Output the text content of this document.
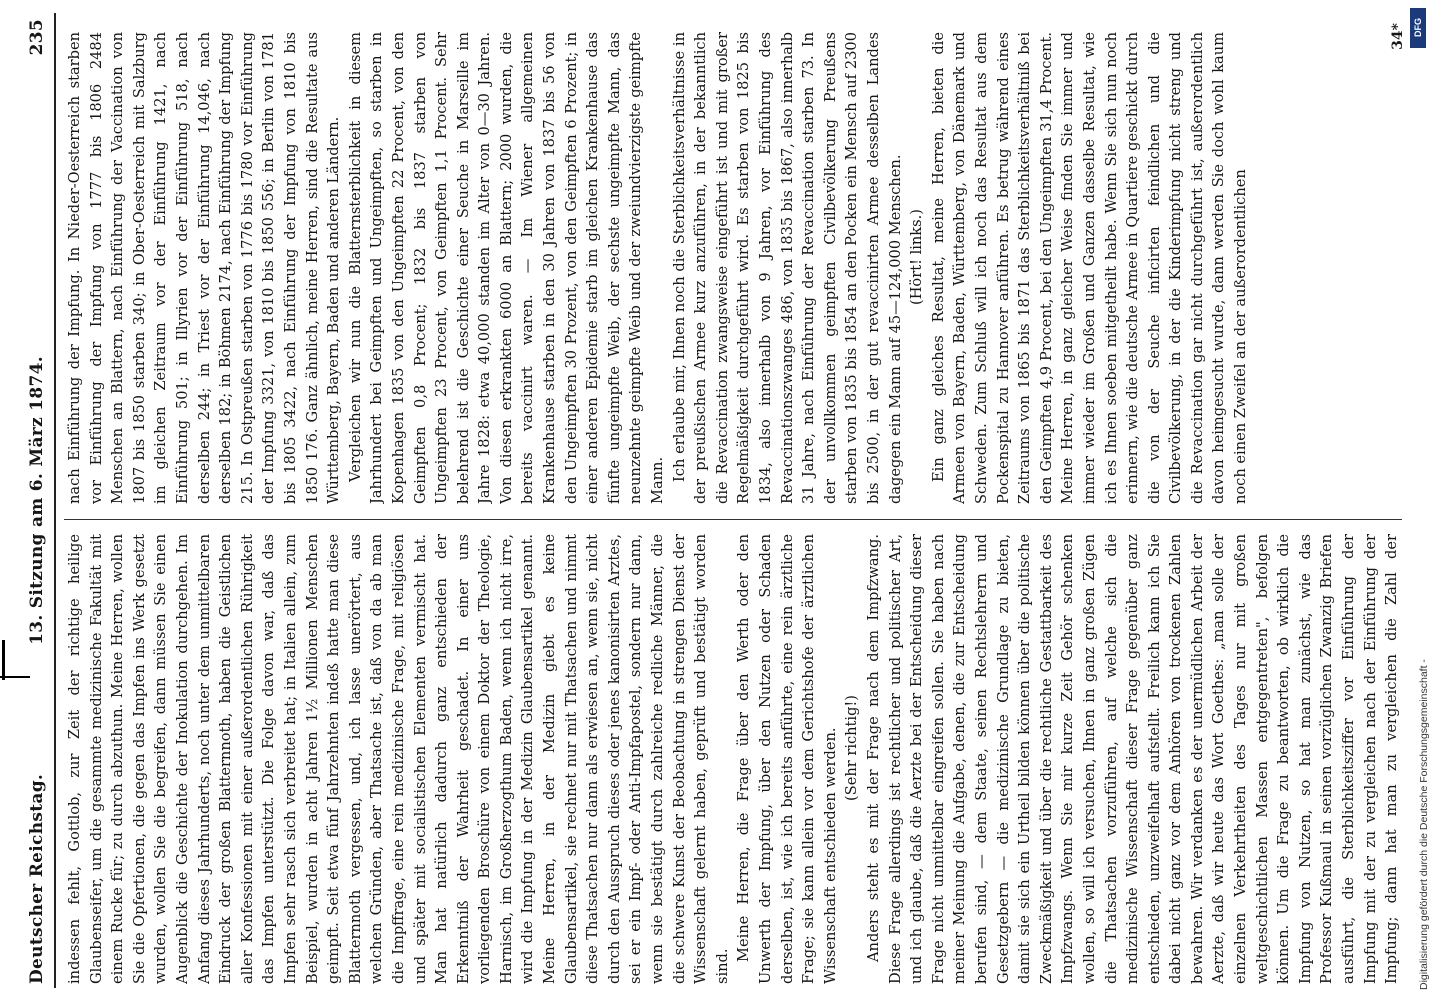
Deutscher Reichstag.
13. Sitzung am 6. März 1874.
235

indessen fehlt, Gottlob, zur Zeit der richtige heilige Glaubenseifer, um die gesammte medizinische Fakultät mit einem Rucke für; zu durch abzuthun. Meine Herren, wollen Sie die Opfertionen, die gegen das Impfen ins Werk gesetzt wurden, wollen Sie die begreifen, dann müssen Sie einen Augenblick die Geschichte der Inokulation durchgehen. Im Anfang dieses Jahrhunderts, noch unter dem unmittelbaren Eindruck der großen Blatternnoth, haben die Geistlichen aller Konfessionen mit einer außerordentlichen Rührigkeit das Impfen unterstützt. Die Folge davon war, daß das Impfen sehr rasch sich verbreitet hat; in Italien allein, zum Beispiel, wurden in acht Jahren 1½ Millionen Menschen geimpft. Seit etwa fünf Jahrzehnten indeß hatte man diese Blatternnoth vergessen, und, ich lasse unerörtert, aus welchen Gründen, aber Thatsache ist, daß von da ab man die Impffrage, eine rein medizinische Frage, mit religiösen und später mit socialistischen Elementen vermischt hat. Man hat natürlich dadurch ganz entschieden der Erkenntniß der Wahrheit geschadet. In einer uns vorliegenden Broschüre von einem Doktor der Theologie, Harnisch, im Großherzogthum Baden, wenn ich nicht irre, wird die Impfung in der Medizin Glaubensartikel genannt. Meine Herren, in der Medizin giebt es keine Glaubensartikel, sie rechnet nur mit Thatsachen und nimmt diese Thatsachen nur dann als erwiesen an, wenn sie, nicht durch den Ausspruch dieses oder jenes kanonisirten Arztes, sei er ein Impf- oder Anti-Impfapostel, sondern nur dann, wenn sie bestätigt durch zahlreiche redliche Männer, die die schwere Kunst der Beobachtung in strengen Dienst der Wissenschaft gelernt haben, geprüft und bestätigt worden sind.

Meine Herren, die Frage über den Werth oder den Unwerth der Impfung, über den Nutzen oder Schaden derselben, ist, wie ich bereits anführte, eine rein ärztliche Frage; sie kann allein vor dem Gerichtshofe der ärztlichen Wissenschaft entschieden werden. (Sehr richtig!)

Anders steht es mit der Frage nach dem Impfzwang. Diese Frage allerdings ist rechtlicher und politischer Art, und ich glaube, daß die Aerzte bei der Entscheidung dieser Frage nicht unmittelbar eingreifen sollen. Sie haben nach meiner Meinung die Aufgabe, denen, die zur Entscheidung berufen sind, — dem Staate, seinen Rechtslehrern und Gesetzgebern — die medizinische Grundlage zu bieten, damit sie sich ein Urtheil bilden können über die politische Zweckmäßigkeit und über die rechtliche Gestattbarkeit des Impfzwangs. Wenn Sie mir kurze Zeit Gehör schenken wollen, so will ich versuchen, Ihnen in ganz großen Zügen die Thatsachen vorzuführen, auf welche sich die medizinische Wissenschaft dieser Frage gegenüber ganz entschieden, unzweifelhaft aufstellt. Freilich kann ich Sie dabei nicht ganz vor dem Anhören von trockenen Zahlen bewahren. Wir verdanken es der unermüdlichen Arbeit der Aerzte, daß wir heute das Wort Goethes: „man solle der einzelnen Verkehrtheiten des Tages nur mit großen weltgeschichtlichen Massen entgegentreten", befolgen können. Um die Frage zu beantworten, ob wirklich die Impfung von Nutzen, so hat man zunächst, wie das Professor Kußmaul in seinen vorzüglichen Zwanzig Briefen ausführt, die Sterblichkeitsziffer vor Einführung der Impfung mit der zu vergleichen nach der Einführung der Impfung; dann hat man zu vergleichen die Zahl der

nach Einführung der Impfung. In Nieder-Oesterreich starben vor Einführung der Impfung von 1777 bis 1806 2484 Menschen an Blattern, nach Einführung der Vaccination von 1807 bis 1850 starben 340; in Ober-Oesterreich mit Salzburg im gleichen Zeitraum vor der Einführung 1421, nach Einführung 501; in Illyrien vor der Einführung 518, nach derselben 244; in Triest vor der Einführung 14,046, nach derselben 182; in Böhmen 2174, nach Einführung der Impfung 215. In Ostpreußen starben von 1776 bis 1780 vor Einführung der Impfung 3321, von 1810 bis 1850 556; in Berlin von 1781 bis 1805 3422, nach Einführung der Impfung von 1810 bis 1850 176. Ganz ähnlich, meine Herren, sind die Resultate aus Württemberg, Bayern, Baden und anderen Ländern. Vergleichen wir nun die Blatternsterblichkeit in diesem Jahrhundert bei Geimpften und Ungeimpften, so starben in Kopenhagen 1835 von den Ungeimpften 22 Procent, von den Geimpften 0,8 Procent; 1832 bis 1837 starben von Ungeimpften 23 Procent, von Geimpften 1,1 Procent. Sehr belehrend ist die Geschichte einer Seuche in Marseille im Jahre 1828: etwa 40,000 standen im Alter von 0—30 Jahren. Von diesen erkrankten 6000 an Blattern; 2000 wurden, die bereits vaccinirt waren. — Im Wiener allgemeinen Krankenhause starben in den 30 Jahren von 1837 bis 56 von den Ungeimpften 30 Prozent, von den Geimpften 6 Prozent; in einer anderen Epidemie starb im gleichen Krankenhause das fünfte ungeimpfte Weib, der sechste ungeimpfte Mann, das neunzehnte geimpfte Weib und der zweiundvierzigste geimpfte Mann. Ich erlaube mir, Ihnen noch die Sterblichkeitsverhältnisse in der preußischen Armee kurz anzuführen, in der bekanntlich die Revaccination zwangsweise eingeführt ist und mit großer Regelmäßigkeit durchgeführt wird. Es starben von 1825 bis 1834, also innerhalb von 9 Jahren, vor Einführung des Revaccinationszwanges 486, von 1835 bis 1867, also innerhalb 31 Jahre, nach Einführung der Revaccination starben 73. In der unvollkommen geimpften Civilbevölkerung Preußens starben von 1835 bis 1854 an den Pocken ein Mensch auf 2300 bis 2500, in der gut revaccinirten Armee desselben Landes dagegen ein Mann auf 45—124,000 Menschen. (Hört! links.) Ein ganz gleiches Resultat, meine Herren, bieten die Armeen von Bayern, Baden, Württemberg, von Dänemark und Schweden. Zum Schluß will ich noch das Resultat aus dem Pockenspital zu Hannover anführen. Es betrug während eines Zeitraums von 1865 bis 1871 das Sterblichkeitsverhältniß bei den Geimpften 4,9 Procent, bei den Ungeimpften 31,4 Procent. Meine Herren, in ganz gleicher Weise finden Sie immer und immer wieder im Großen und Ganzen dasselbe Resultat, wie ich es Ihnen soeben mitgetheilt habe. Wenn Sie sich nun noch erinnern, wie die deutsche Armee in Quartiere geschickt durch die von der Seuche inficirten feindlichen und die Civilbevölkerung, in der die Kinderimpfung nicht streng und die Revaccination gar nicht durchgeführt ist, außerordentlich davon heimgesucht wurde, dann werden Sie doch wohl kaum noch einen Zweifel an der außerordentlichen

34* DFG
Digitalisierung gefördert durch die Deutsche Forschungsgemeinschaft -
